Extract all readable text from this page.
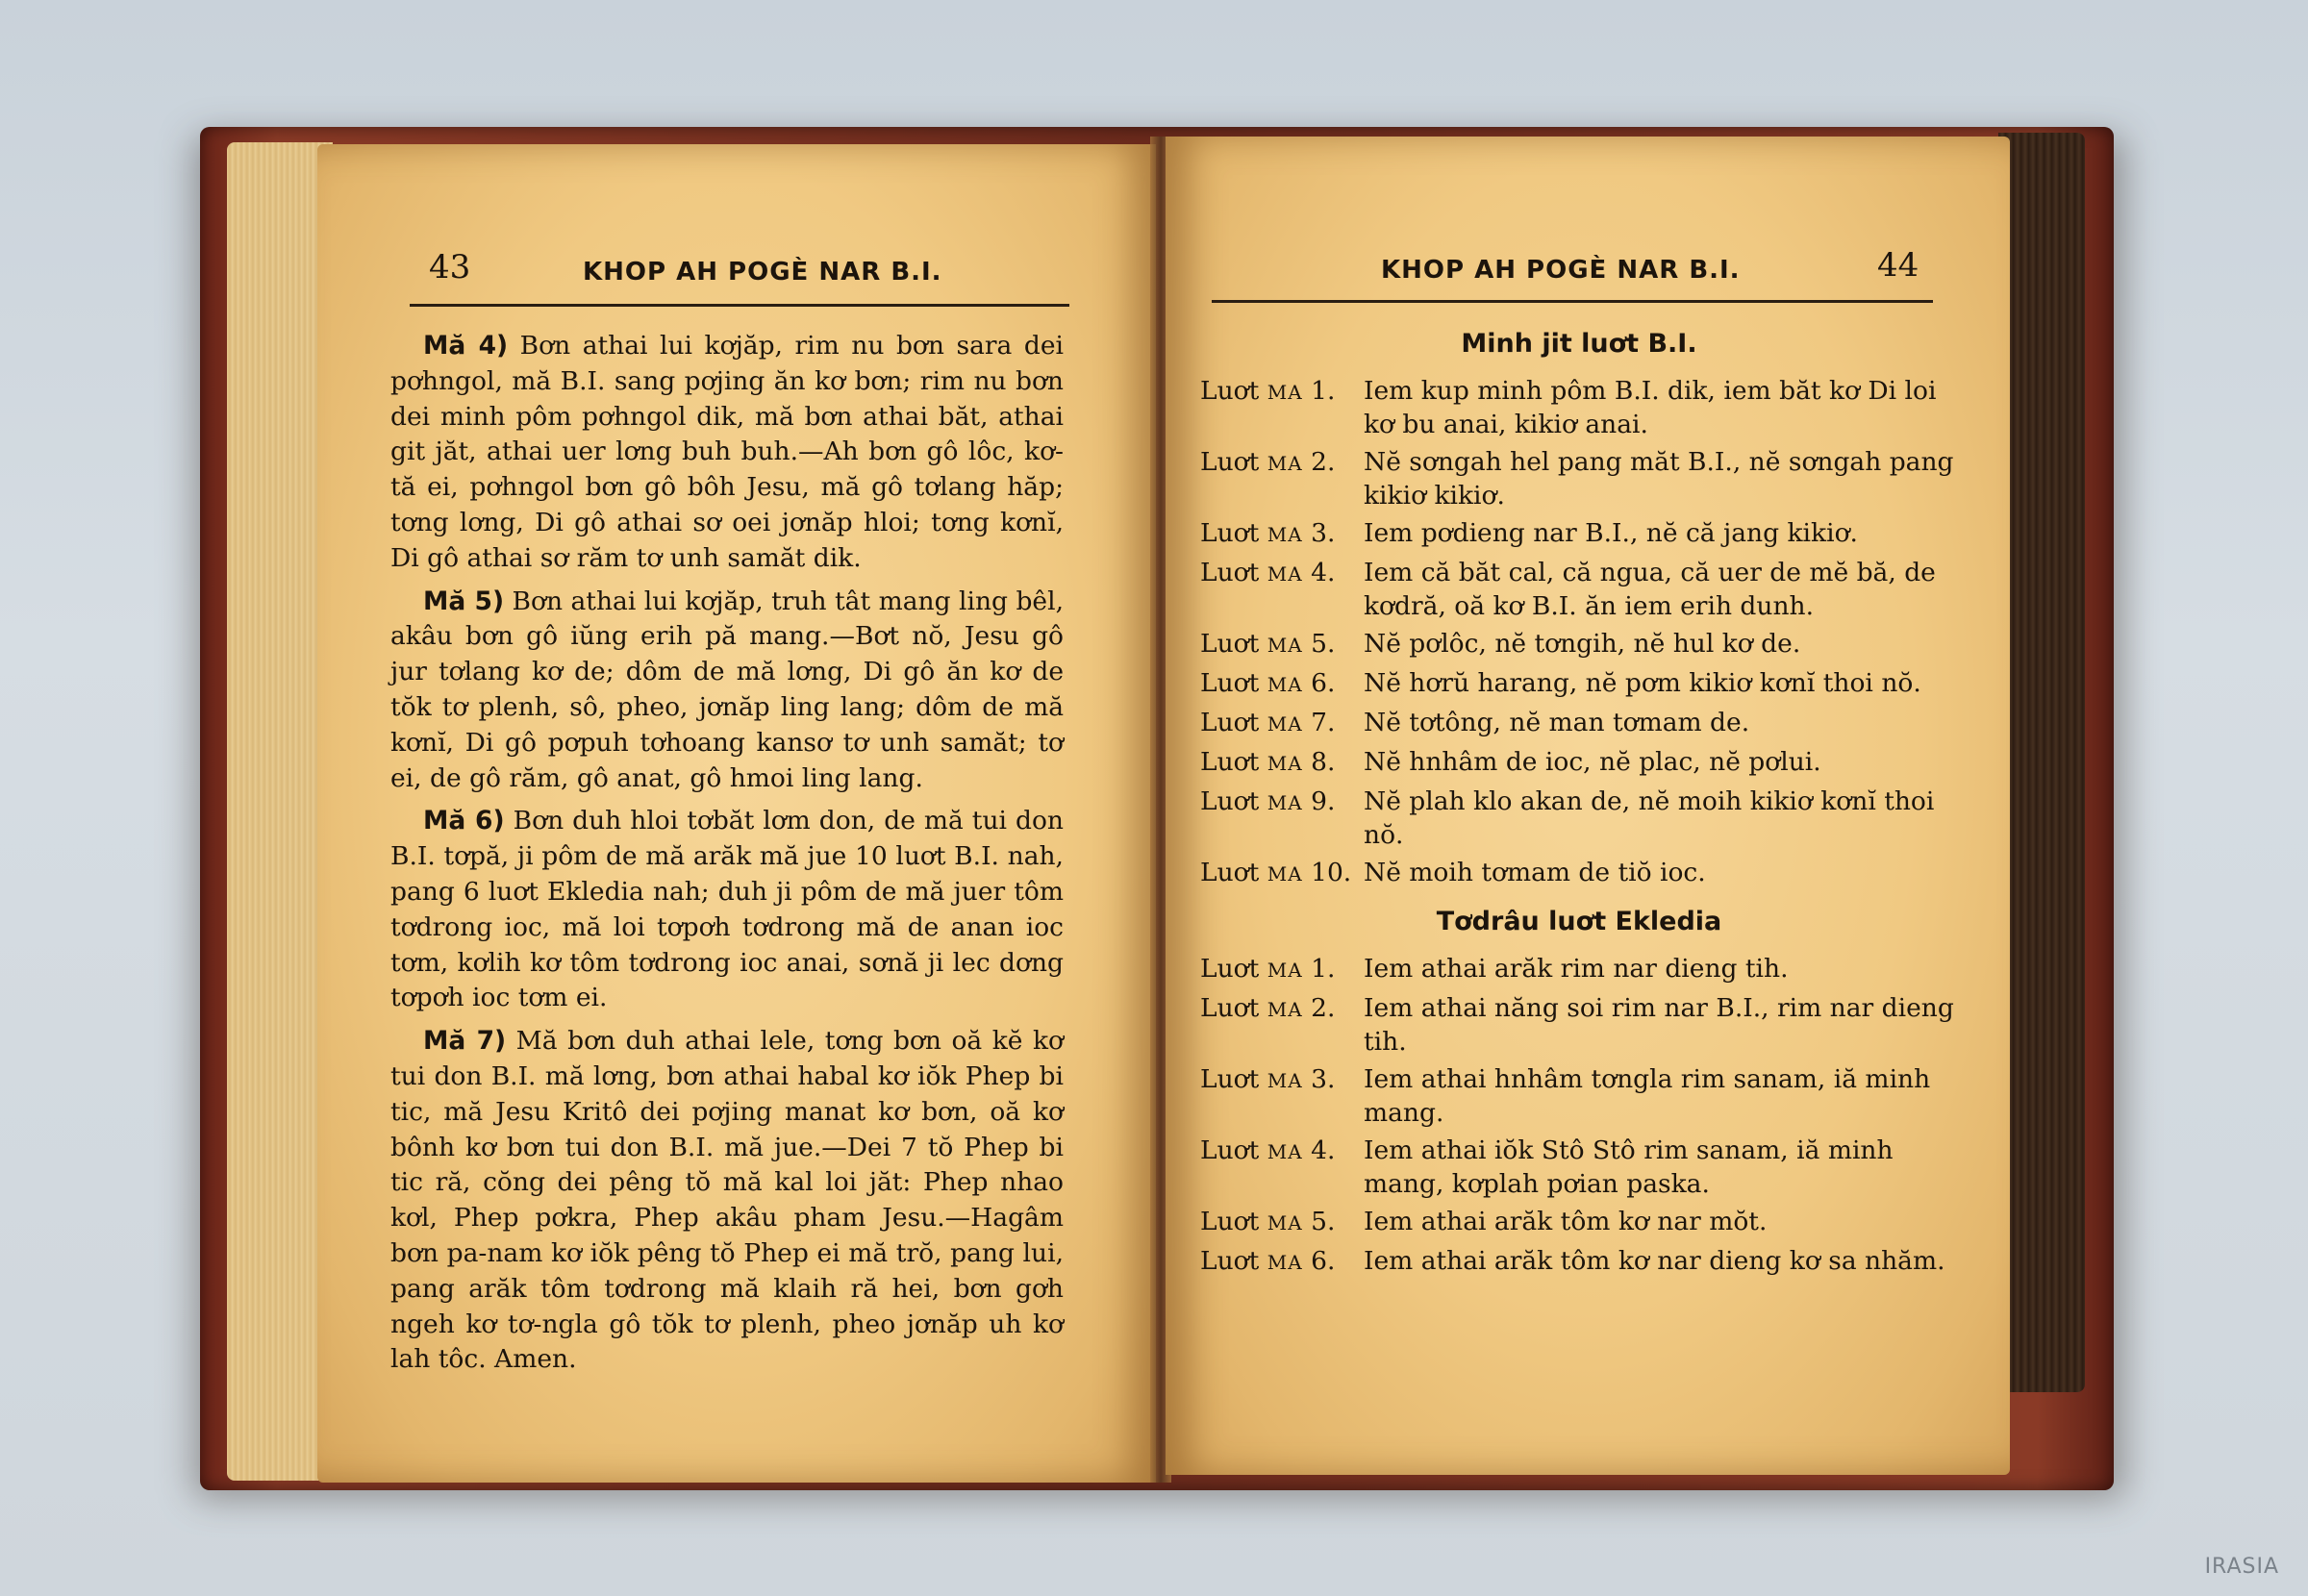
43	KHOP AH POGÈ NAR B.I.
Mă 4) Bơn athai lui kơjăp, rim nu bơn sara dei pơhngol, mă B.I. sang pơjing ăn kơ bơn; rim nu bơn dei minh pôm pơhngol dik, mă bơn athai băt, athai git jăt, athai uer lơng buh buh.—Ah bơn gô lôc, kơ-tă ei, pơhngol bơn gô bôh Jesu, mă gô tơlang hăp; tơng lơng, Di gô athai sơ oei jơnăp hloi; tơng kơnĭ, Di gô athai sơ răm tơ unh samăt dik.
Mă 5) Bơn athai lui kơjăp, truh tât mang ling bêl, akâu bơn gô iŭng erih pă mang.—Bơt nŏ, Jesu gô jur tơlang kơ de; dôm de mă lơng, Di gô ăn kơ de tŏk tơ plenh, sô, pheo, jơnăp ling lang; dôm de mă kơnĭ, Di gô pơpuh tơhoang kansơ tơ unh samăt; tơ ei, de gô răm, gô anat, gô hmoi ling lang.
Mă 6) Bơn duh hloi tơbăt lơm don, de mă tui don B.I. tơpă, ji pôm de mă arăk mă jue 10 luơt B.I. nah, pang 6 luơt Ekledia nah; duh ji pôm de mă juer tôm tơdrong ioc, mă loi tơpơh tơdrong mă de anan ioc tơm, kơlih kơ tôm tơdrong ioc anai, sơnă ji lec dơng tơpơh ioc tơm ei.
Mă 7) Mă bơn duh athai lele, tơng bơn oă kĕ kơ tui don B.I. mă lơng, bơn athai habal kơ iŏk Phep bi tic, mă Jesu Kritô dei pơjing manat kơ bơn, oă kơ bônh kơ bơn tui don B.I. mă jue.—Dei 7 tŏ Phep bi tic ră, cŏng dei pêng tŏ mă kal loi jăt: Phep nhao kơl, Phep pơkra, Phep akâu pham Jesu.—Hagâm bơn pa-nam kơ iŏk pêng tŏ Phep ei mă trŏ, pang lui, pang arăk tôm tơdrong mă klaih ră hei, bơn gơh ngeh kơ tơ-ngla gô tŏk tơ plenh, pheo jơnăp uh kơ lah tôc. Amen.
KHOP AH POGÈ NAR B.I.	44
Minh jit luơt B.I.
Luơt MA 1.	Iem kup minh pôm B.I. dik, iem băt kơ Di loi kơ bu anai, kikiơ anai.
Luơt MA 2.	Nĕ sơngah hel pang măt B.I., nĕ sơngah pang kikiơ kikiơ.
Luơt MA 3.	Iem pơdieng nar B.I., nĕ că jang kikiơ.
Luơt MA 4.	Iem că băt cal, că ngua, că uer de mĕ bă, de kơdră, oă kơ B.I. ăn iem erih dunh.
Luơt MA 5.	Nĕ pơlôc, nĕ tơngih, nĕ hul kơ de.
Luơt MA 6.	Nĕ hơrŭ harang, nĕ pơm kikiơ kơnĭ thoi nŏ.
Luơt MA 7.	Nĕ tơtông, nĕ man tơmam de.
Luơt MA 8.	Nĕ hnhâm de ioc, nĕ plac, nĕ pơlui.
Luơt MA 9.	Nĕ plah klo akan de, nĕ moih kikiơ kơnĭ thoi nŏ.
Luơt MA 10. Nĕ moih tơmam de tiŏ ioc.
Tơdrâu luơt Ekledia
Luơt MA 1.	Iem athai arăk rim nar dieng tih.
Luơt MA 2.	Iem athai năng soi rim nar B.I., rim nar dieng tih.
Luơt MA 3.	Iem athai hnhâm tơngla rim sanam, iă minh mang.
Luơt MA 4.	Iem athai iŏk Stô Stô rim sanam, iă minh mang, kơplah pơian paska.
Luơt MA 5.	Iem athai arăk tôm kơ nar mŏt.
Luơt MA 6.	Iem athai arăk tôm kơ nar dieng kơ sa nhăm.
IRASIA
